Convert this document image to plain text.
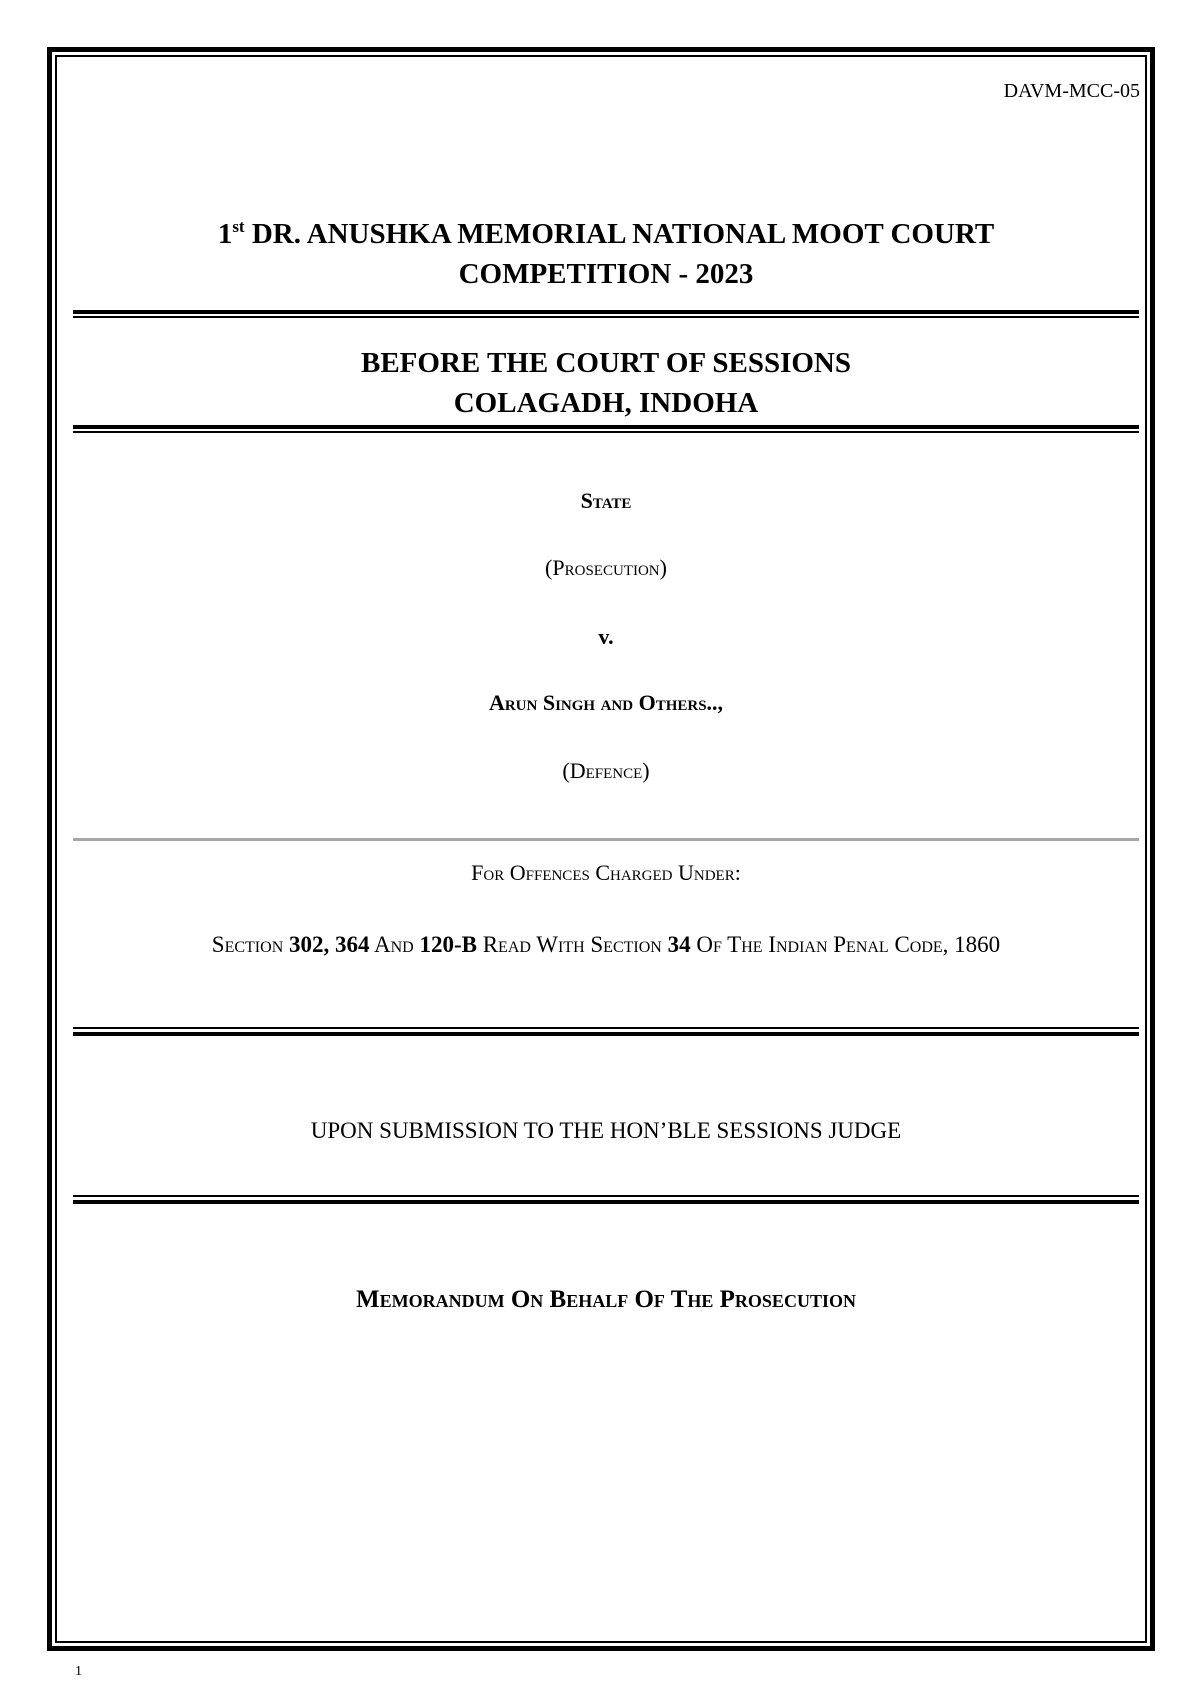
DAVM-MCC-05
1st DR. ANUSHKA MEMORIAL NATIONAL MOOT COURT
COMPETITION - 2023
BEFORE THE COURT OF SESSIONS
COLAGADH, INDOHA
State
(Prosecution)
v.
Arun Singh and Others..,
(Defence)
For Offences Charged Under:
Section 302, 364 And 120-B Read With Section 34 Of The Indian Penal Code, 1860
UPON SUBMISSION TO THE HON’BLE SESSIONS JUDGE
Memorandum On Behalf Of The Prosecution
1
